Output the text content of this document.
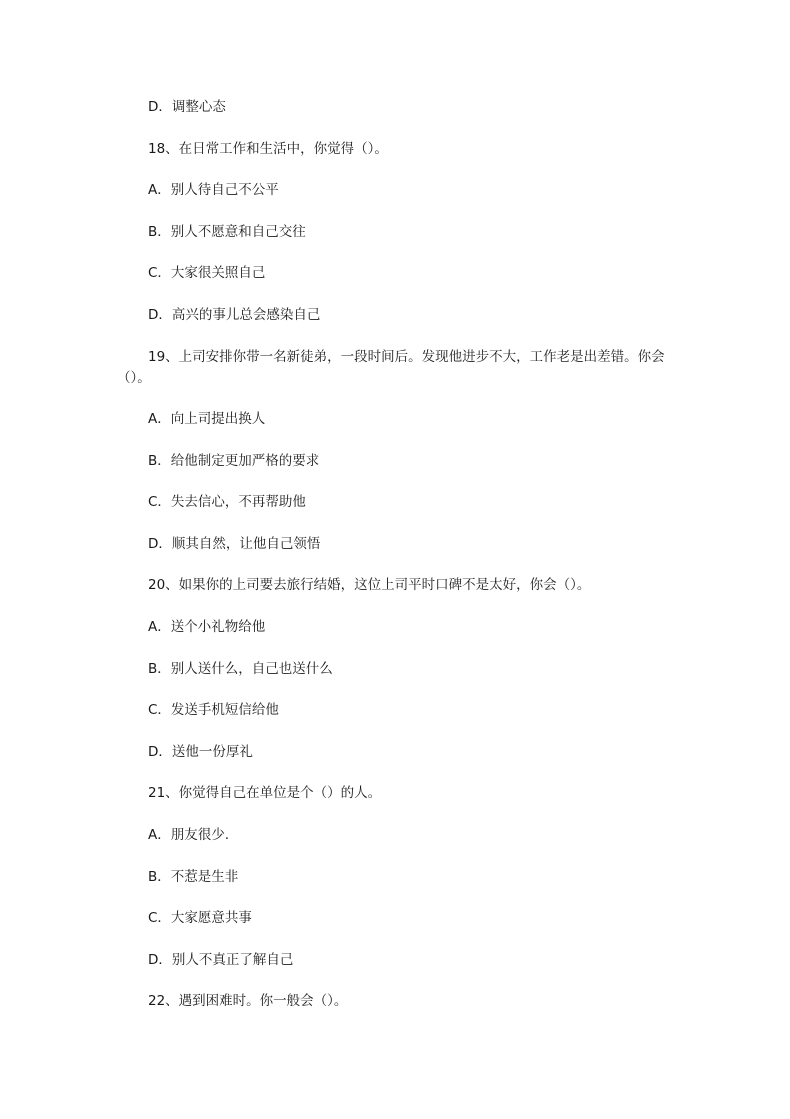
D．调整心态
18、在日常工作和生活中，你觉得（）。
A．别人待自己不公平
B．别人不愿意和自己交往
C．大家很关照自己
D．高兴的事儿总会感染自己
19、上司安排你带一名新徒弟，一段时间后。发现他进步不大，工作老是出差错。你会（）。
A．向上司提出换人
B．给他制定更加严格的要求
C．失去信心，不再帮助他
D．顺其自然，让他自己领悟
20、如果你的上司要去旅行结婚，这位上司平时口碑不是太好，你会（）。
A．送个小礼物给他
B．别人送什么，自己也送什么
C．发送手机短信给他
D．送他一份厚礼
21、你觉得自己在单位是个（）的人。
A．朋友很少.
B．不惹是生非
C．大家愿意共事
D．别人不真正了解自己
22、遇到困难时。你一般会（）。
